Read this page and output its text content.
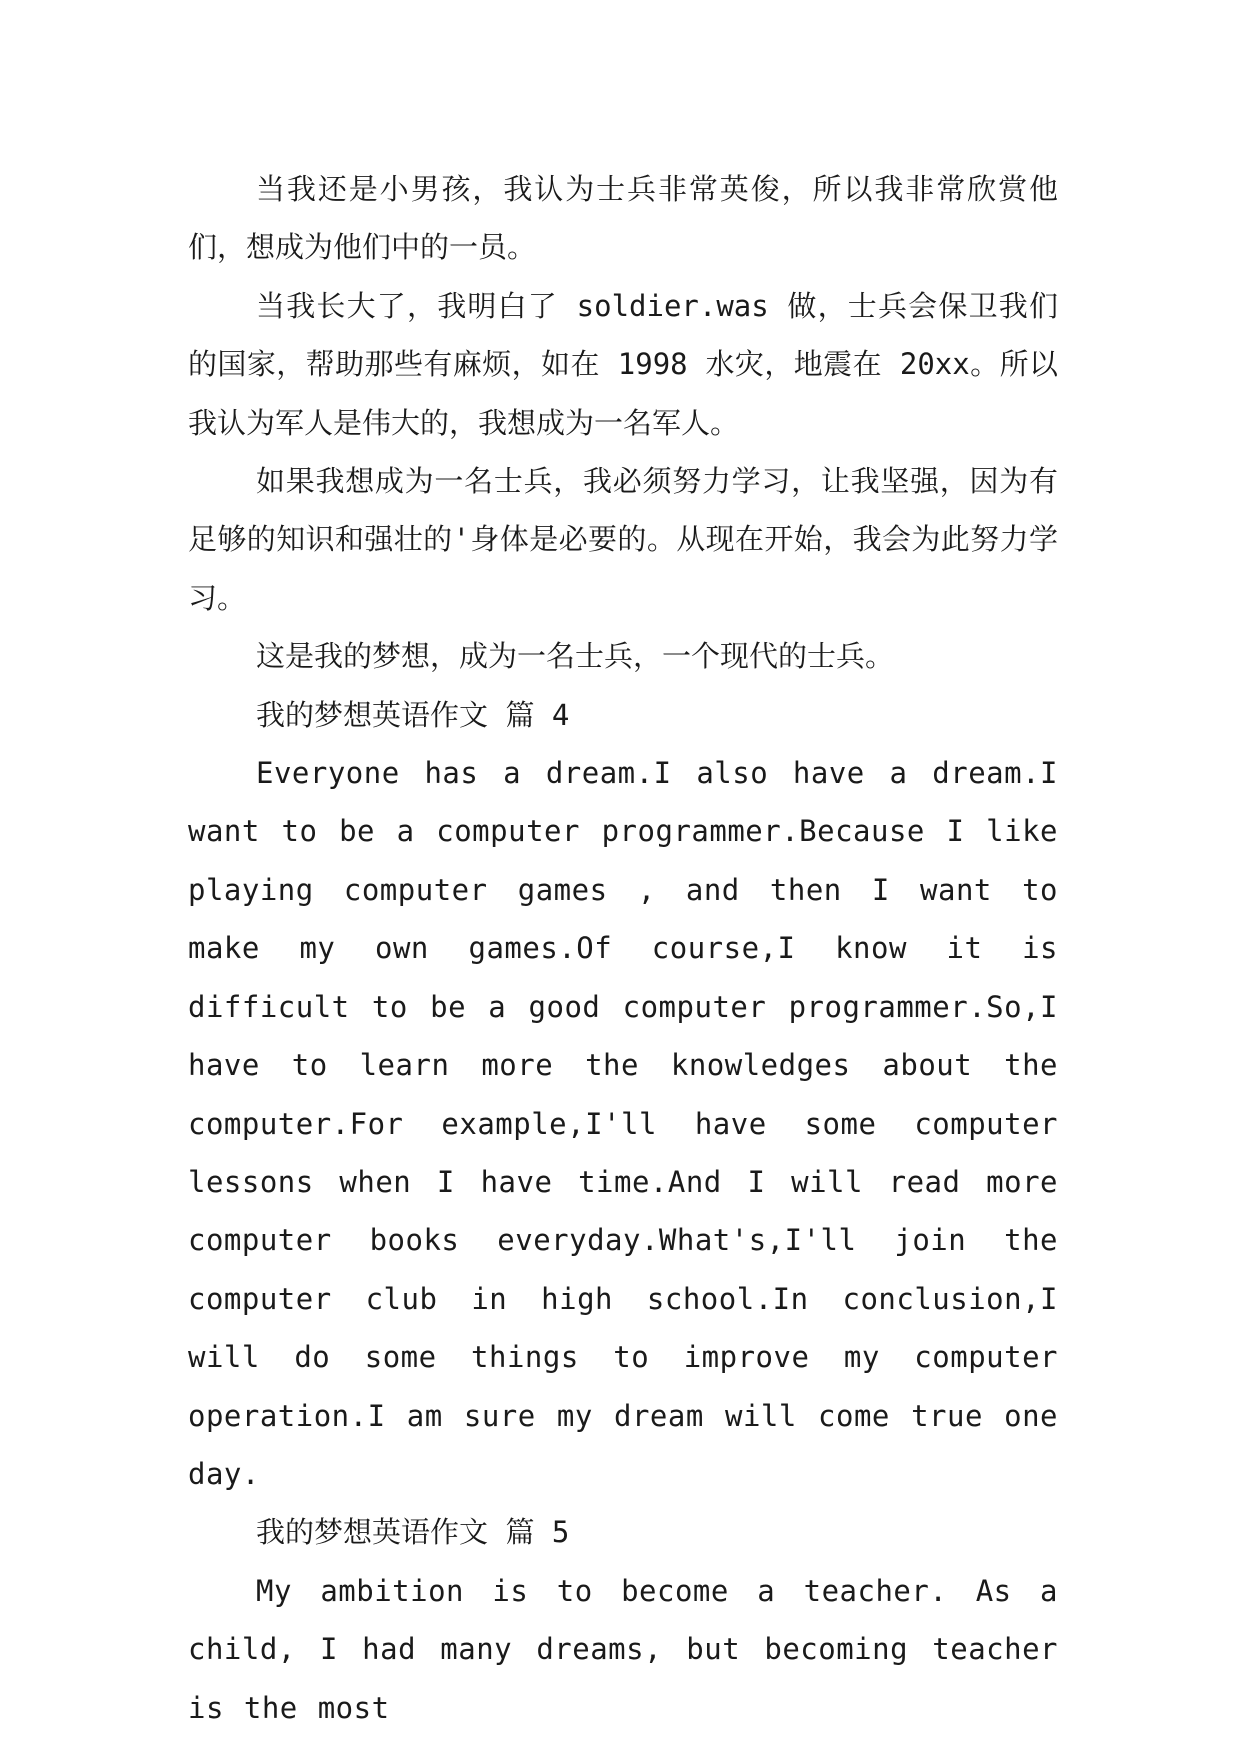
当我还是小男孩，我认为士兵非常英俊，所以我非常欣赏他们，想成为他们中的一员。

当我长大了，我明白了 soldier.was 做，士兵会保卫我们的国家，帮助那些有麻烦，如在 1998 水灾，地震在 20xx。所以我认为军人是伟大的，我想成为一名军人。

如果我想成为一名士兵，我必须努力学习，让我坚强，因为有足够的知识和强壮的'身体是必要的。从现在开始，我会为此努力学习。

这是我的梦想，成为一名士兵，一个现代的士兵。

我的梦想英语作文 篇 4

Everyone has a dream.I also have a dream.I want to be a computer programmer.Because I like playing computer games , and then I want to make my own games.Of course,I know it is difficult to be a good computer programmer.So,I have to learn more the knowledges about the computer.For example,I'll have some computer lessons when I have time.And I will read more computer books everyday.What's,I'll join the computer club in high school.In conclusion,I will do some things to improve my computer operation.I am sure my dream will come true one day.

我的梦想英语作文 篇 5

My ambition is to become a teacher. As a child, I had many dreams, but becoming teacher is the most
